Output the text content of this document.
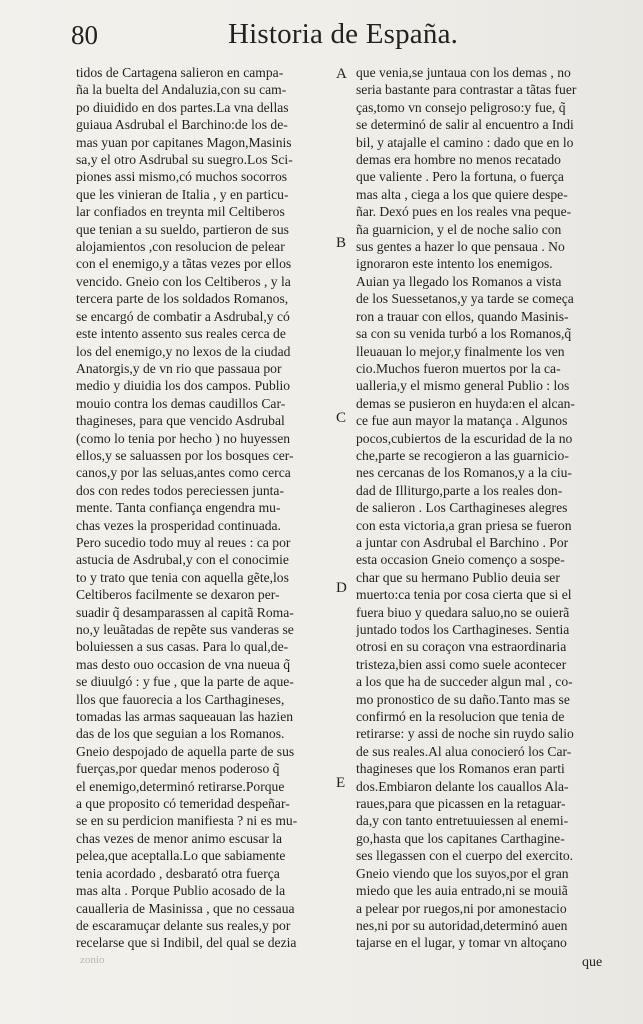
80	Historia de España.
tidos de Cartagena salieron en campa-
ña la buelta del Andaluzia,con su cam-
po diuidido en dos partes.La vna dellas
guiaua Asdrubal el Barchino:de los de-
mas yuan por capitanes Magon,Masinis
sa,y el otro Asdrubal su suegro.Los Sci-
piones assi mismo,có muchos socorros
que les vinieran de Italia , y en particu-
lar confiados en treynta mil Celtiberos
que tenian a su sueldo, partieron de sus
alojamientos ,con resolucion de pelear
con el enemigo,y a tãtas vezes por ellos
vencido. Gneio con los Celtiberos , y la
tercera parte de los soldados Romanos,
se encargó de combatir a Asdrubal,y có
este intento assento sus reales cerca de
los del enemigo,y no lexos de la ciudad
Anatorgis,y de vn rio que passaua por
medio y diuidia los dos campos. Publio
mouio contra los demas caudillos Car-
thagineses, para que vencido Asdrubal
(como lo tenia por hecho ) no huyessen
ellos,y se saluassen por los bosques cer-
canos,y por las seluas,antes como cerca
dos con redes todos pereciessen junta-
mente. Tanta confiança engendra mu-
chas vezes la prosperidad continuada.
Pero sucedio todo muy al reues : ca por
astucia de Asdrubal,y con el conocimie
to y trato que tenia con aquella gẽte,los
Celtiberos facilmente se dexaron per-
suadir q̃ desamparassen al capitã Roma-
no,y leuãtadas de repẽte sus vanderas se
boluiessen a sus casas. Para lo qual,de-
mas desto ouo occasion de vna nueua q̃
se diuulgó : y fue , que la parte de aque-
llos que fauorecia a los Carthagineses,
tomadas las armas saqueauan las hazien
das de los que seguian a los Romanos.
Gneio despojado de aquella parte de sus
fuerças,por quedar menos poderoso q̃
el enemigo,determinó retirarse.Porque
a que proposito có temeridad despeñar-
se en su perdicion manifiesta ? ni es mu-
chas vezes de menor animo escusar la
pelea,que aceptalla.Lo que sabiamente
tenia acordado , desbarató otra fuerça
mas alta . Porque Publio acosado de la
caualleria de Masinissa , que no cessaua
de escaramuçar delante sus reales,y por
recelarse que si Indibil, del qual se dezia
que venia,se juntaua con los demas , no
seria bastante para contrastar a tãtas fuer
ças,tomo vn consejo peligroso:y fue, q̃
se determinó de salir al encuentro a Indi
bil, y atajalle el camino : dado que en lo
demas era hombre no menos recatado
que valiente . Pero la fortuna, o fuerça
mas alta , ciega a los que quiere despe-
ñar. Dexó pues en los reales vna peque-
ña guarnicion, y el de noche salio con
sus gentes a hazer lo que pensaua . No
ignoraron este intento los enemigos.
Auian ya llegado los Romanos a vista
de los Suessetanos,y ya tarde se começa
ron a trauar con ellos, quando Masinis-
sa con su venida turbó a los Romanos,q̃
lleuauan lo mejor,y finalmente los ven
cio.Muchos fueron muertos por la ca-
ualleria,y el mismo general Publio : los
demas se pusieron en huyda:en el alcan-
ce fue aun mayor la matança . Algunos
pocos,cubiertos de la escuridad de la no
che,parte se recogieron a las guarnicio-
nes cercanas de los Romanos,y a la ciu-
dad de Illiturgo,parte a los reales don-
de salieron . Los Carthagineses alegres
con esta victoria,a gran priesa se fueron
a juntar con Asdrubal el Barchino . Por
esta occasion Gneio començo a sospe-
char que su hermano Publio deuia ser
muerto:ca tenia por cosa cierta que si el
fuera biuo y quedara saluo,no se ouierã
juntado todos los Carthagineses. Sentia
otrosi en su coraçon vna estraordinaria
tristeza,bien assi como suele acontecer
a los que ha de succeder algun mal , co-
mo pronostico de su daño.Tanto mas se
confirmó en la resolucion que tenia de
retirarse: y assi de noche sin ruydo salio
de sus reales.Al alua conocieró los Car-
thagineses que los Romanos eran parti
dos.Embiaron delante los cauallos Ala-
raues,para que picassen en la retaguar-
da,y con tanto entretuuiessen al enemi-
go,hasta que los capitanes Carthagine-
ses llegassen con el cuerpo del exercito.
Gneio viendo que los suyos,por el gran
miedo que les auia entrado,ni se mouiã
a pelear por ruegos,ni por amonestacio
nes,ni por su autoridad,determinó auen
tajarse en el lugar, y tomar vn altoçano
A
B
C
D
E
zonio	que
